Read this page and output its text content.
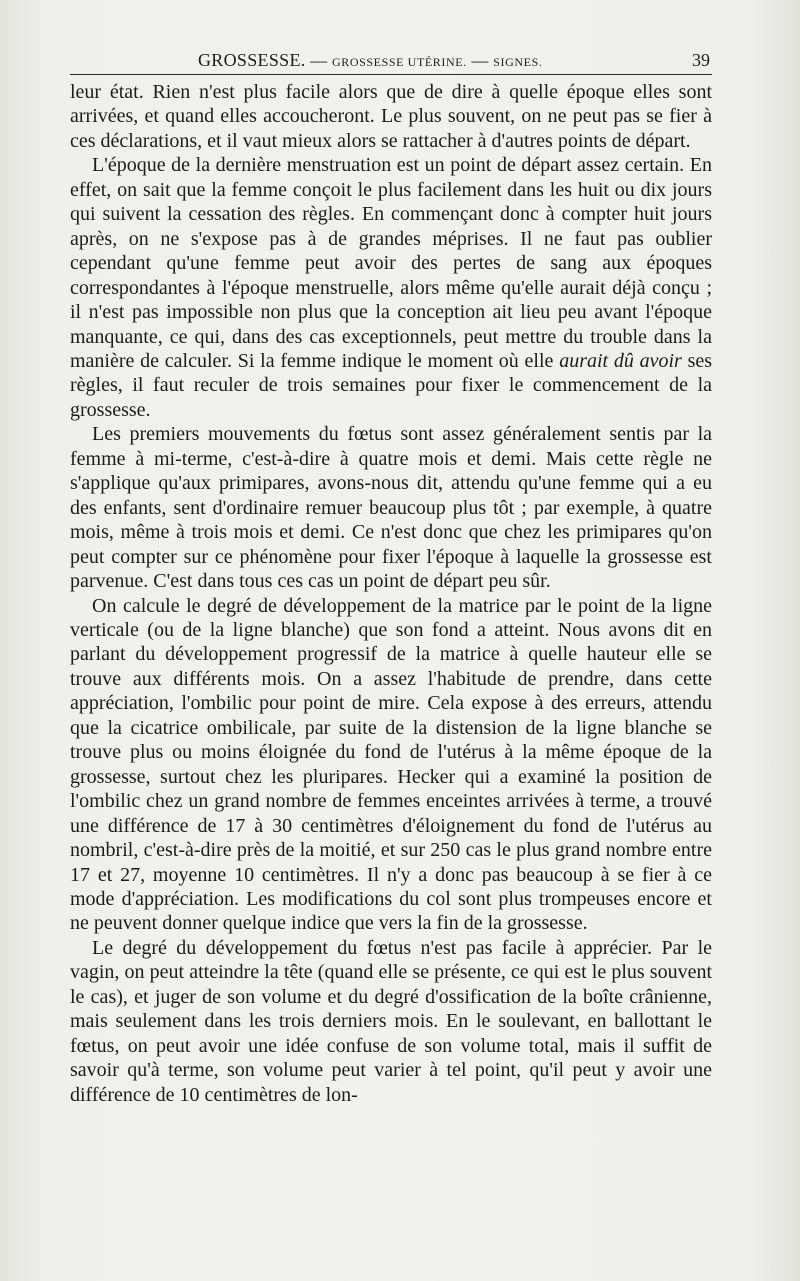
GROSSESSE. — GROSSESSE UTÉRINE. — SIGNES.	39

leur état. Rien n'est plus facile alors que de dire à quelle époque elles sont arrivées, et quand elles accoucheront. Le plus souvent, on ne peut pas se fier à ces déclarations, et il vaut mieux alors se rattacher à d'autres points de départ.

L'époque de la dernière menstruation est un point de départ assez certain. En effet, on sait que la femme conçoit le plus facilement dans les huit ou dix jours qui suivent la cessation des règles. En commençant donc à compter huit jours après, on ne s'expose pas à de grandes méprises. Il ne faut pas oublier cependant qu'une femme peut avoir des pertes de sang aux époques correspondantes à l'époque menstruelle, alors même qu'elle aurait déjà conçu ; il n'est pas impossible non plus que la conception ait lieu peu avant l'époque manquante, ce qui, dans des cas exceptionnels, peut mettre du trouble dans la manière de calculer. Si la femme indique le moment où elle aurait dû avoir ses règles, il faut reculer de trois semaines pour fixer le commencement de la grossesse.

Les premiers mouvements du fœtus sont assez généralement sentis par la femme à mi-terme, c'est-à-dire à quatre mois et demi. Mais cette règle ne s'applique qu'aux primipares, avons-nous dit, attendu qu'une femme qui a eu des enfants, sent d'ordinaire remuer beaucoup plus tôt ; par exemple, à quatre mois, même à trois mois et demi. Ce n'est donc que chez les primipares qu'on peut compter sur ce phénomène pour fixer l'époque à laquelle la grossesse est parvenue. C'est dans tous ces cas un point de départ peu sûr.

On calcule le degré de développement de la matrice par le point de la ligne verticale (ou de la ligne blanche) que son fond a atteint. Nous avons dit en parlant du développement progressif de la matrice à quelle hauteur elle se trouve aux différents mois. On a assez l'habitude de prendre, dans cette appréciation, l'ombilic pour point de mire. Cela expose à des erreurs, attendu que la cicatrice ombilicale, par suite de la distension de la ligne blanche se trouve plus ou moins éloignée du fond de l'utérus à la même époque de la grossesse, surtout chez les pluripares. Hecker qui a examiné la position de l'ombilic chez un grand nombre de femmes enceintes arrivées à terme, a trouvé une différence de 17 à 30 centimètres d'éloignement du fond de l'utérus au nombril, c'est-à-dire près de la moitié, et sur 250 cas le plus grand nombre entre 17 et 27, moyenne 10 centimètres. Il n'y a donc pas beaucoup à se fier à ce mode d'appréciation. Les modifications du col sont plus trompeuses encore et ne peuvent donner quelque indice que vers la fin de la grossesse.

Le degré du développement du fœtus n'est pas facile à apprécier. Par le vagin, on peut atteindre la tête (quand elle se présente, ce qui est le plus souvent le cas), et juger de son volume et du degré d'ossification de la boîte crânienne, mais seulement dans les trois derniers mois. En le soulevant, en ballottant le fœtus, on peut avoir une idée confuse de son volume total, mais il suffit de savoir qu'à terme, son volume peut varier à tel point, qu'il peut y avoir une différence de 10 centimètres de lon-
